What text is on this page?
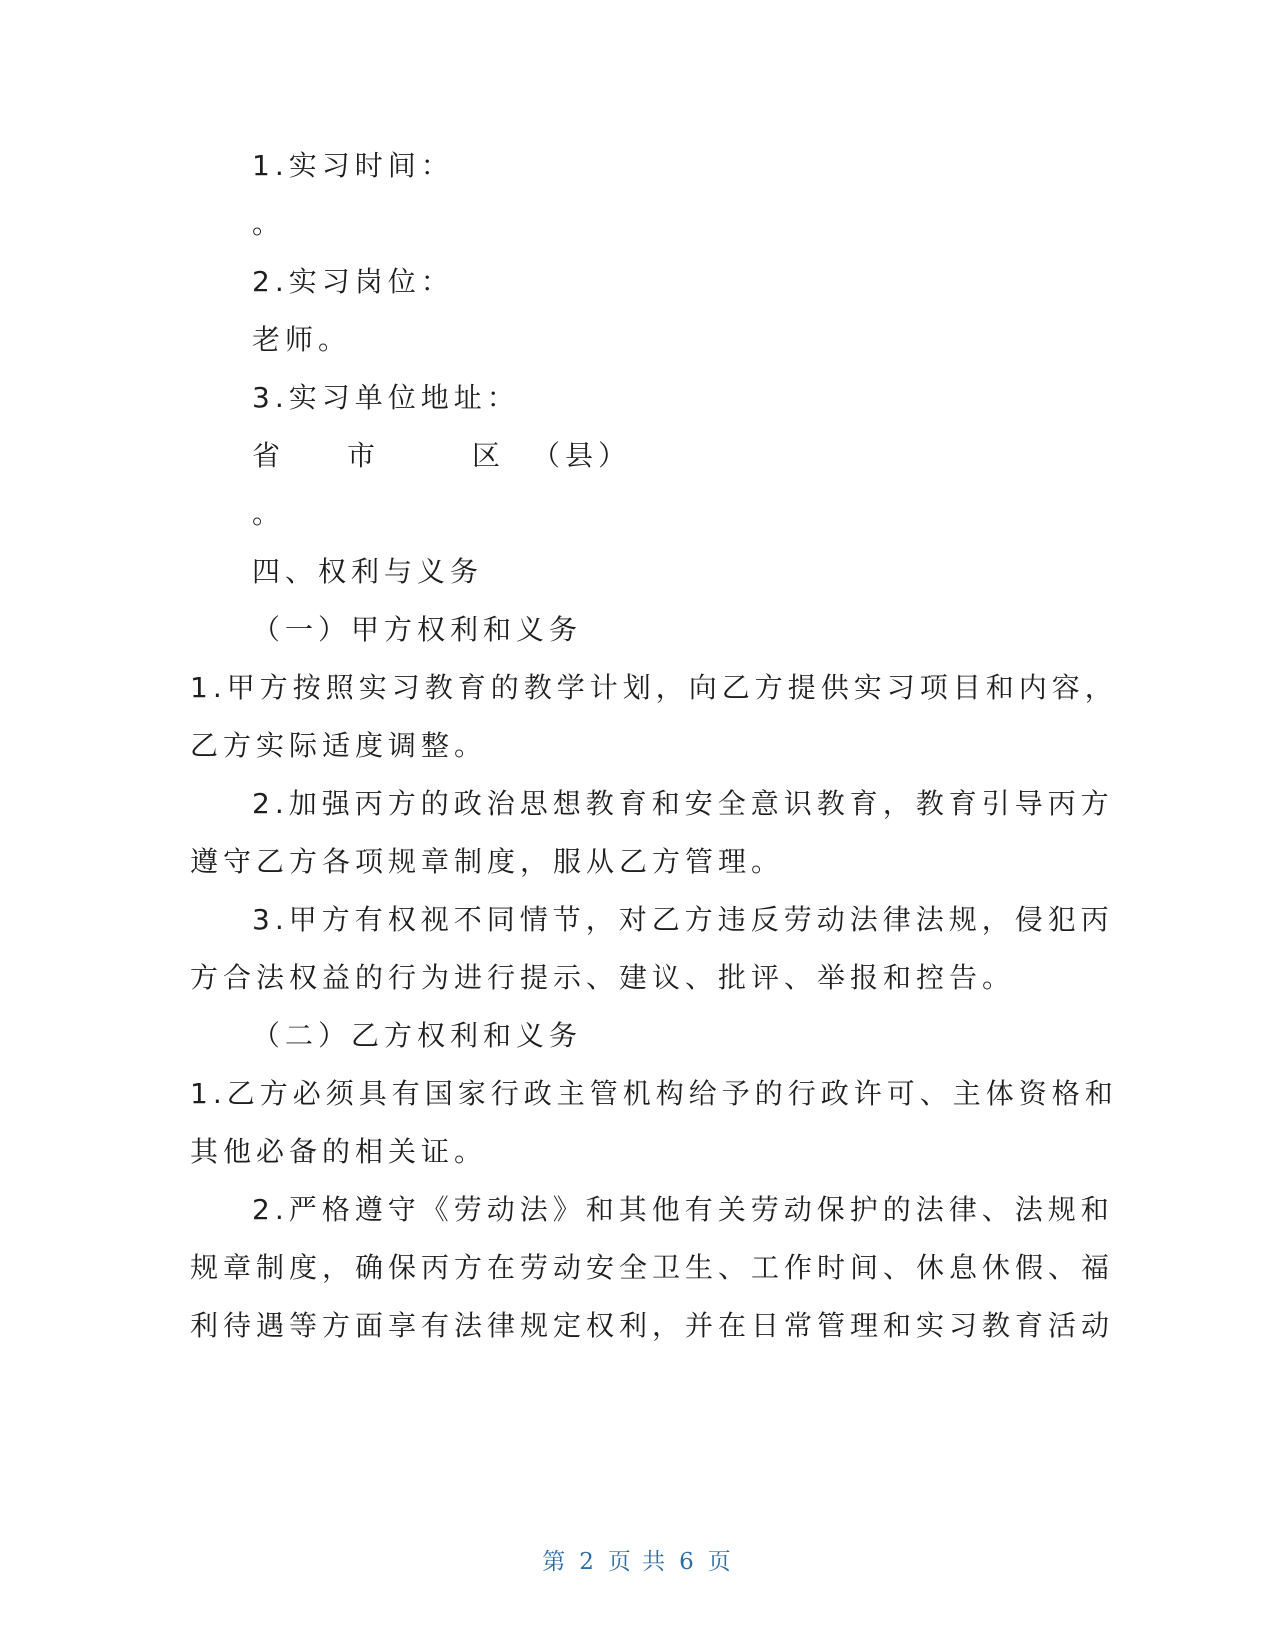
1.实习时间：
。
2.实习岗位：
老师。
3.实习单位地址：
省 市	区 （县）
。
四、权利与义务
（一）甲方权利和义务
1.甲方按照实习教育的教学计划，向乙方提供实习项目和内容，
乙方实际适度调整。
2.加强丙方的政治思想教育和安全意识教育，教育引导丙方
遵守乙方各项规章制度，服从乙方管理。
3.甲方有权视不同情节，对乙方违反劳动法律法规，侵犯丙
方合法权益的行为进行提示、建议、批评、举报和控告。
（二）乙方权利和义务
1.乙方必须具有国家行政主管机构给予的行政许可、主体资格和
其他必备的相关证。
2.严格遵守《劳动法》和其他有关劳动保护的法律、法规和
规章制度，确保丙方在劳动安全卫生、工作时间、休息休假、福
利待遇等方面享有法律规定权利，并在日常管理和实习教育活动
第 2 页 共 6 页
